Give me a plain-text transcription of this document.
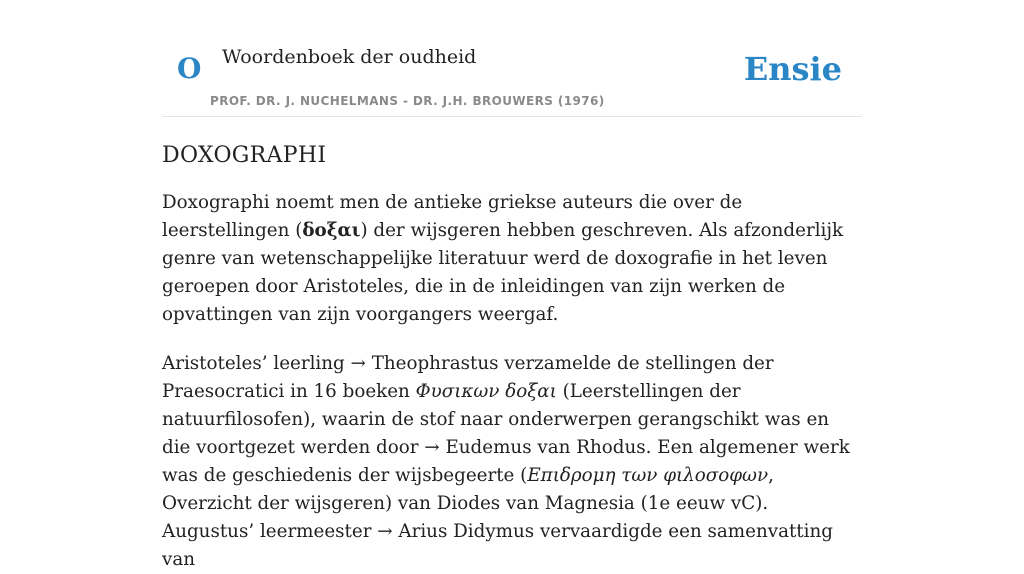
O Woordenboek der oudheid
PROF. DR. J. NUCHELMANS - DR. J.H. BROUWERS (1976)
Ensie
DOXOGRAPHI

Doxographi noemt men de antieke griekse auteurs die over de leerstellingen (δοξαι) der wijsgeren hebben geschreven. Als afzonderlijk genre van wetenschappelijke literatuur werd de doxografie in het leven geroepen door Aristoteles, die in de inleidingen van zijn werken de opvattingen van zijn voorgangers weergaf.

Aristoteles’ leerling → Theophrastus verzamelde de stellingen der Praesocratici in 16 boeken Φυσικων δοξαι (Leerstellingen der natuurfilosofen), waarin de stof naar onderwerpen gerangschikt was en die voortgezet werden door → Eudemus van Rhodus. Een algemener werk was de geschiedenis der wijsbegeerte (Επιδρομη των φιλοσοφων, Overzicht der wijsgeren) van Diodes van Magnesia (1e eeuw vC). Augustus’ leermeester → Arius Didymus vervaardigde een samenvatting van
